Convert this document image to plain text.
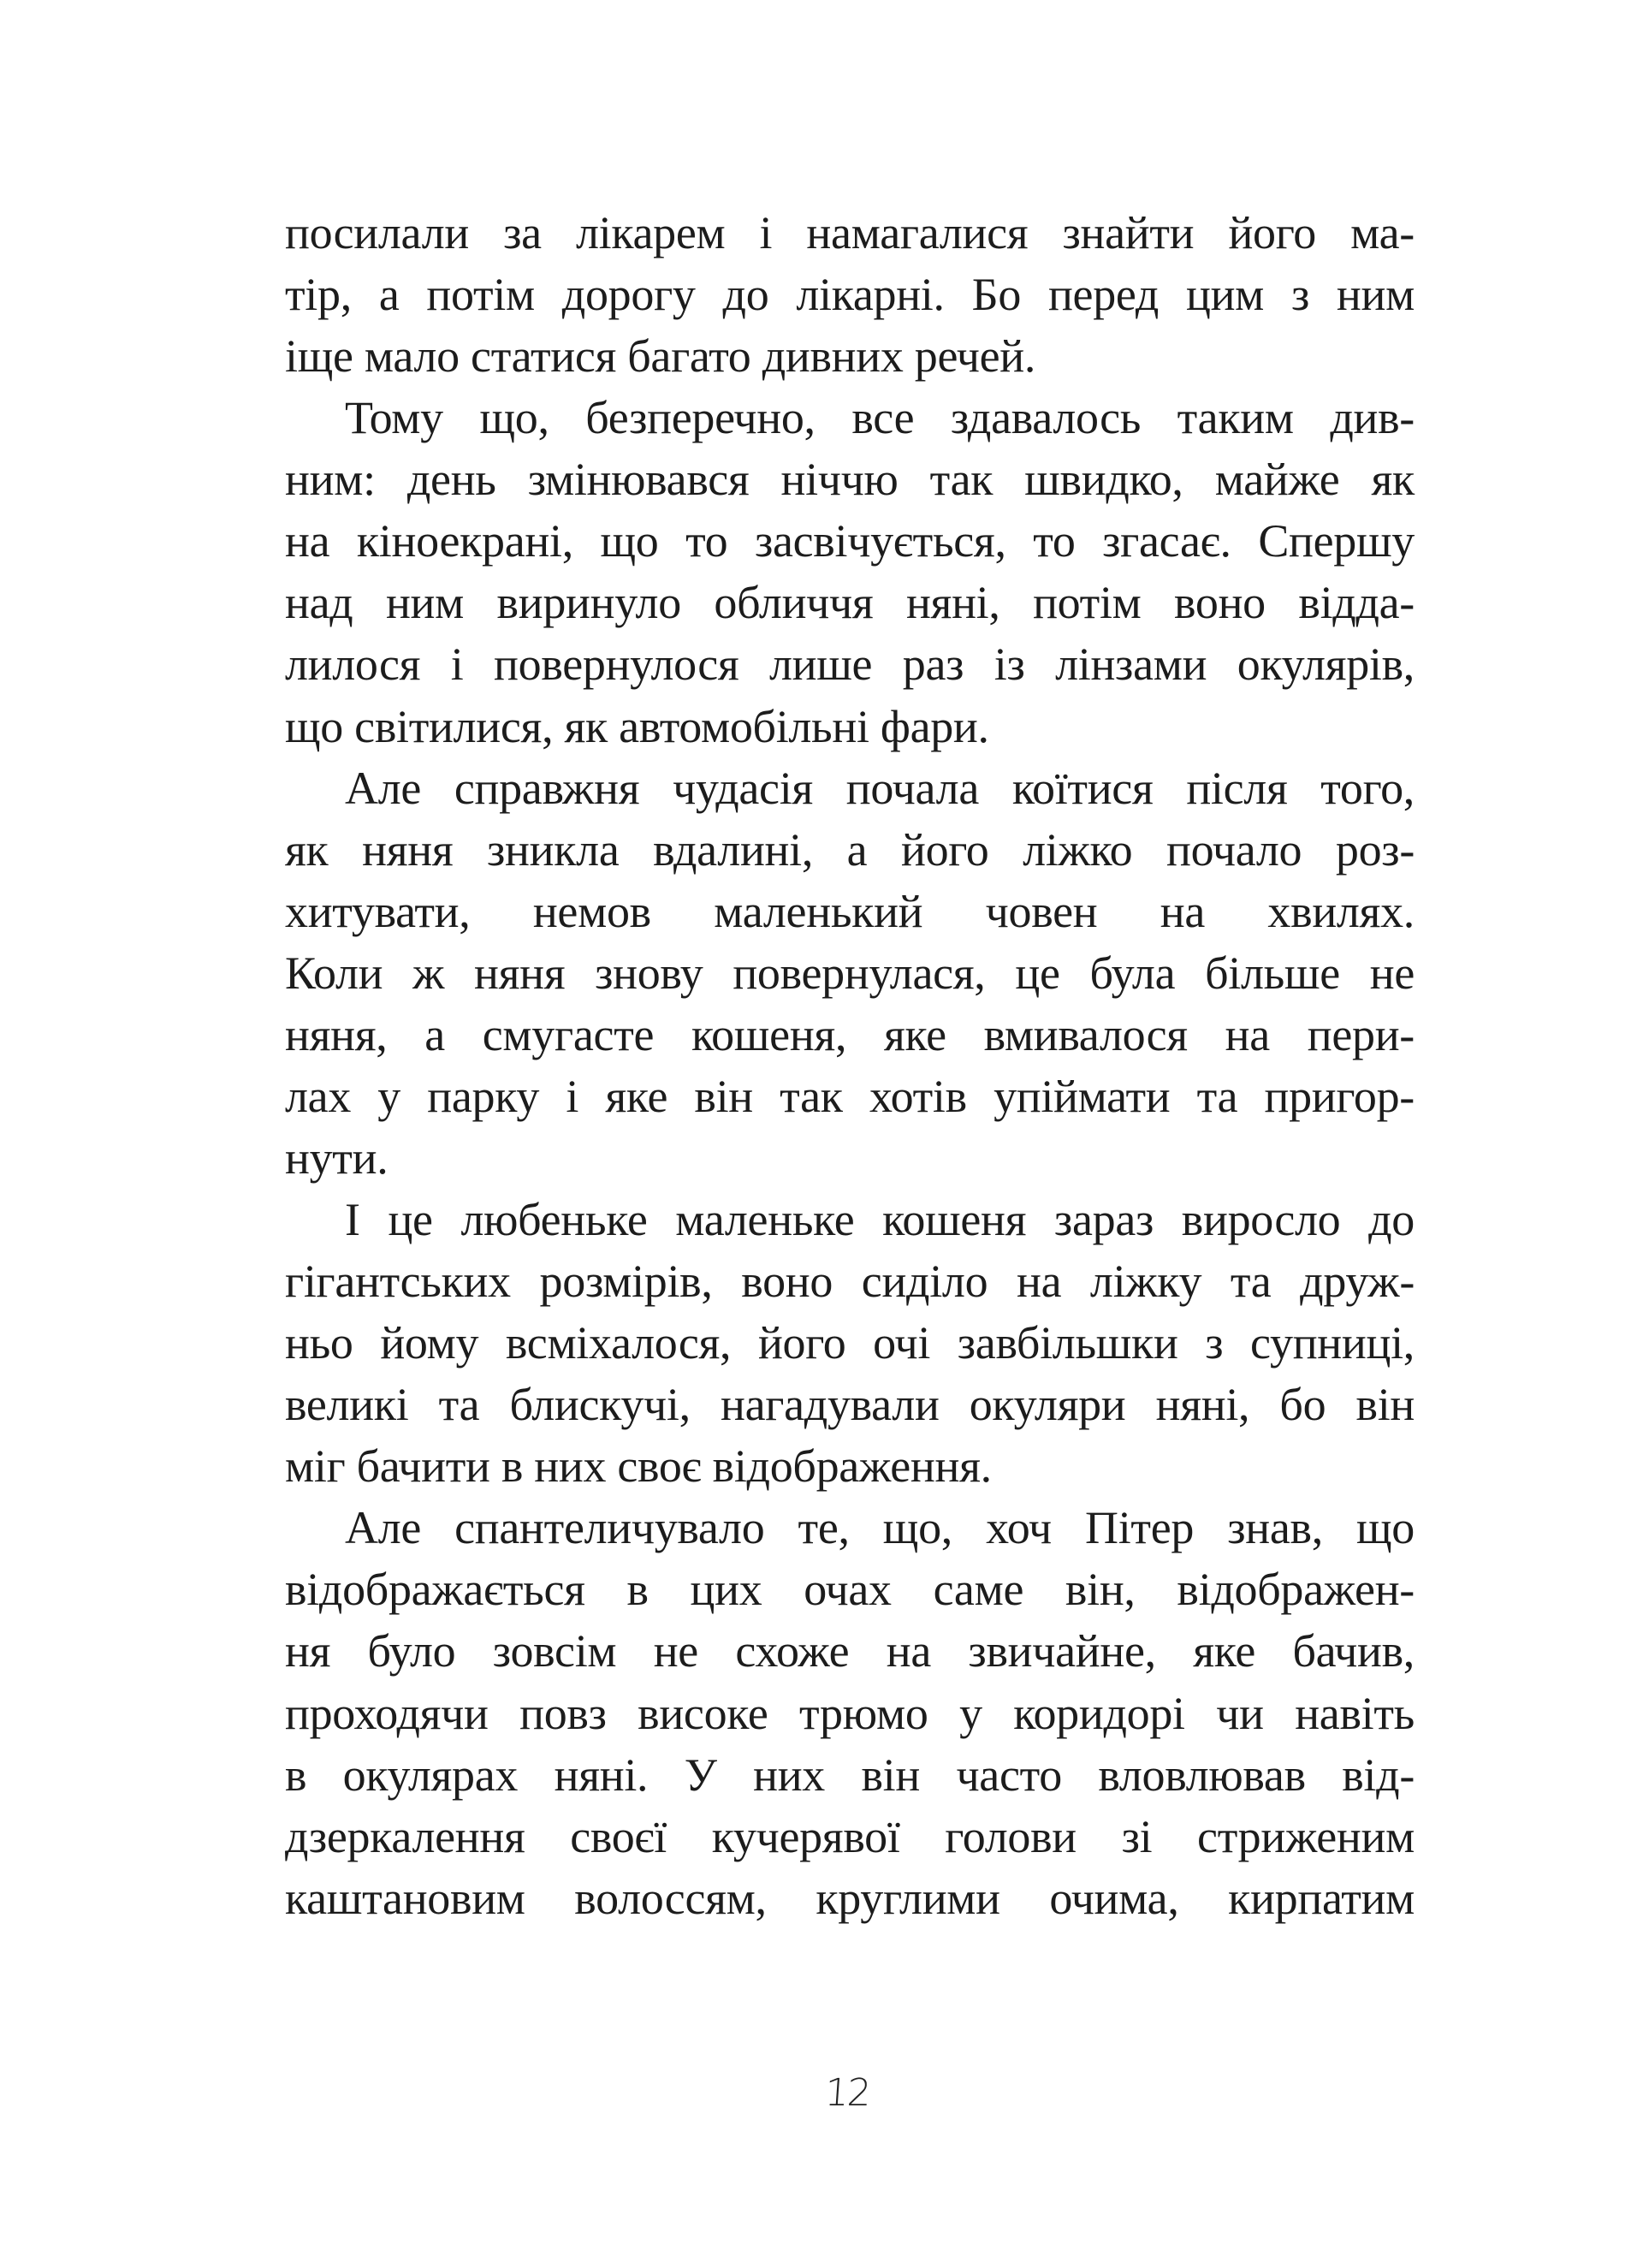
посилали за лікарем і намагалися знайти його ма-
тір, а потім дорогу до лікарні. Бо перед цим з ним
іще мало статися багато дивних речей.
Тому що, безперечно, все здавалось таким див-
ним: день змінювався ніччю так швидко, майже як
на кіноекрані, що то засвічується, то згасає. Спершу
над ним виринуло обличчя няні, потім воно відда-
лилося і повернулося лише раз із лінзами окулярів,
що світилися, як автомобільні фари.
Але справжня чудасія почала коїтися після того,
як няня зникла вдалині, а його ліжко почало роз-
хитувати, немов маленький човен на хвилях.
Коли ж няня знову повернулася, це була більше не
няня, а смугасте кошеня, яке вмивалося на пери-
лах у парку і яке він так хотів упіймати та пригор-
нути.
І це любеньке маленьке кошеня зараз виросло до
гігантських розмірів, воно сиділо на ліжку та друж-
ньо йому всміхалося, його очі завбільшки з супниці,
великі та блискучі, нагадували окуляри няні, бо він
міг бачити в них своє відображення.
Але спантеличувало те, що, хоч Пітер знав, що
відображається в цих очах саме він, відображен-
ня було зовсім не схоже на звичайне, яке бачив,
проходячи повз високе трюмо у коридорі чи навіть
в окулярах няні. У них він часто вловлював від-
дзеркалення своєї кучерявої голови зі стриженим
каштановим волоссям, круглими очима, кирпатим
12
